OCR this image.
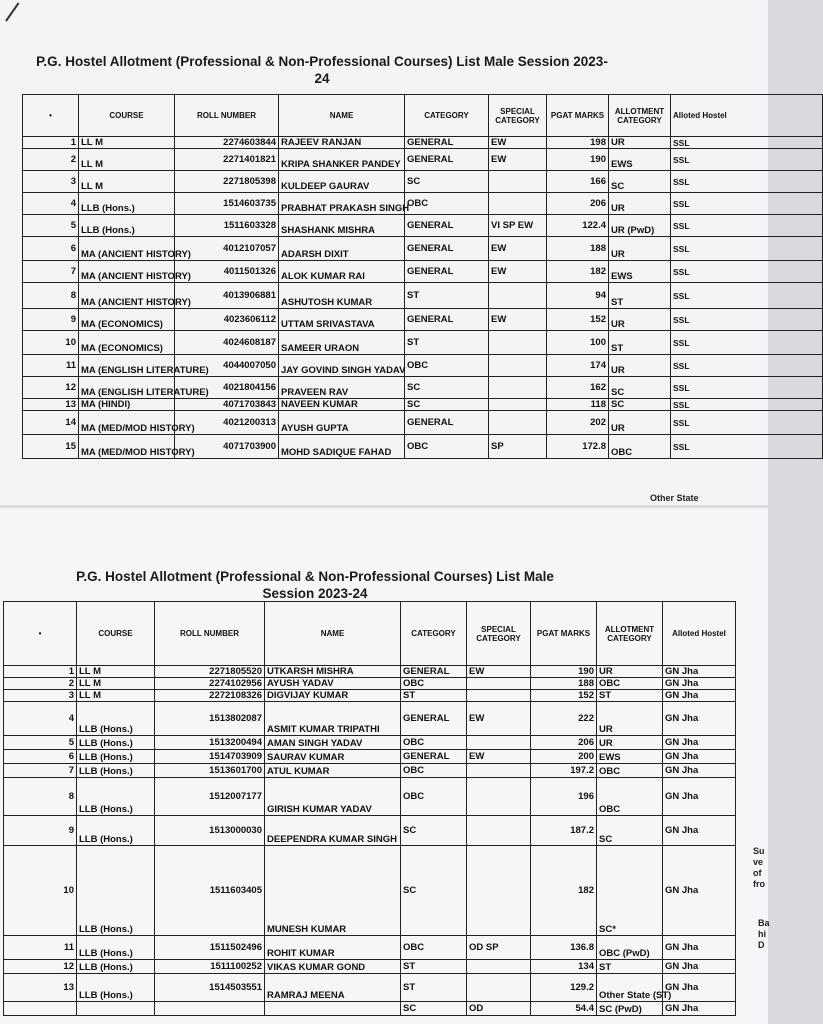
P.G. Hostel Allotment (Professional & Non-Professional Courses) List Male Session 2023-
24
•	COURSE	ROLL NUMBER	NAME	CATEGORY	SPECIAL CATEGORY	PGAT MARKS	ALLOTMENT CATEGORY	Alloted Hostel
1	LL M	2274603844	RAJEEV RANJAN	GENERAL	EW	198	UR	SSL
2	LL M	2271401821	KRIPA SHANKER PANDEY	GENERAL	EW	190	EWS	SSL
3	LL M	2271805398	KULDEEP GAURAV	SC		166	SC	SSL
4	LLB (Hons.)	1514603735	PRABHAT PRAKASH SINGH	OBC		206	UR	SSL
5	LLB (Hons.)	1511603328	SHASHANK MISHRA	GENERAL	VI SP EW	122.4	UR (PwD)	SSL
6	MA (ANCIENT HISTORY)	4012107057	ADARSH DIXIT	GENERAL	EW	188	UR	SSL
7	MA (ANCIENT HISTORY)	4011501326	ALOK KUMAR RAI	GENERAL	EW	182	EWS	SSL
8	MA (ANCIENT HISTORY)	4013906881	ASHUTOSH KUMAR	ST		94	ST	SSL
9	MA (ECONOMICS)	4023606112	UTTAM SRIVASTAVA	GENERAL	EW	152	UR	SSL
10	MA (ECONOMICS)	4024608187	SAMEER URAON	ST		100	ST	SSL
11	MA (ENGLISH LITERATURE)	4044007050	JAY GOVIND SINGH YADAV	OBC		174	UR	SSL
12	MA (ENGLISH LITERATURE)	4021804156	PRAVEEN RAV	SC		162	SC	SSL
13	MA (HINDI)	4071703843	NAVEEN KUMAR	SC		118	SC	SSL
14	MA (MED/MOD HISTORY)	4021200313	AYUSH GUPTA	GENERAL		202	UR	SSL
15	MA (MED/MOD HISTORY)	4071703900	MOHD SADIQUE FAHAD	OBC	SP	172.8	OBC	SSL
Other State
P.G. Hostel Allotment (Professional & Non-Professional Courses) List Male
Session 2023-24
•	COURSE	ROLL NUMBER	NAME	CATEGORY	SPECIAL CATEGORY	PGAT MARKS	ALLOTMENT CATEGORY	Alloted Hostel
1	LL M	2271805520	UTKARSH MISHRA	GENERAL	EW	190	UR	GN Jha
2	LL M	2274102956	AYUSH YADAV	OBC		188	OBC	GN Jha
3	LL M	2272108326	DIGVIJAY KUMAR	ST		152	ST	GN Jha
4	LLB (Hons.)	1513802087	ASMIT KUMAR TRIPATHI	GENERAL	EW	222	UR	GN Jha
5	LLB (Hons.)	1513200494	AMAN SINGH YADAV	OBC		206	UR	GN Jha
6	LLB (Hons.)	1514703909	SAURAV KUMAR	GENERAL	EW	200	EWS	GN Jha
7	LLB (Hons.)	1513601700	ATUL KUMAR	OBC		197.2	OBC	GN Jha
8	LLB (Hons.)	1512007177	GIRISH KUMAR YADAV	OBC		196	OBC	GN Jha
9	LLB (Hons.)	1513000030	DEEPENDRA KUMAR SINGH	SC		187.2	SC	GN Jha
10	LLB (Hons.)	1511603405	MUNESH KUMAR	SC		182	SC*	GN Jha
11	LLB (Hons.)	1511502496	ROHIT KUMAR	OBC	OD SP	136.8	OBC (PwD)	GN Jha
12	LLB (Hons.)	1511100252	VIKAS KUMAR GOND	ST		134	ST	GN Jha
13	LLB (Hons.)	1514503551	RAMRAJ MEENA	ST		129.2	Other State (ST)	GN Jha
				SC	OD	54.4	SC (PwD)	GN Jha
Su
ve
of
fro
Ba
hi
D
